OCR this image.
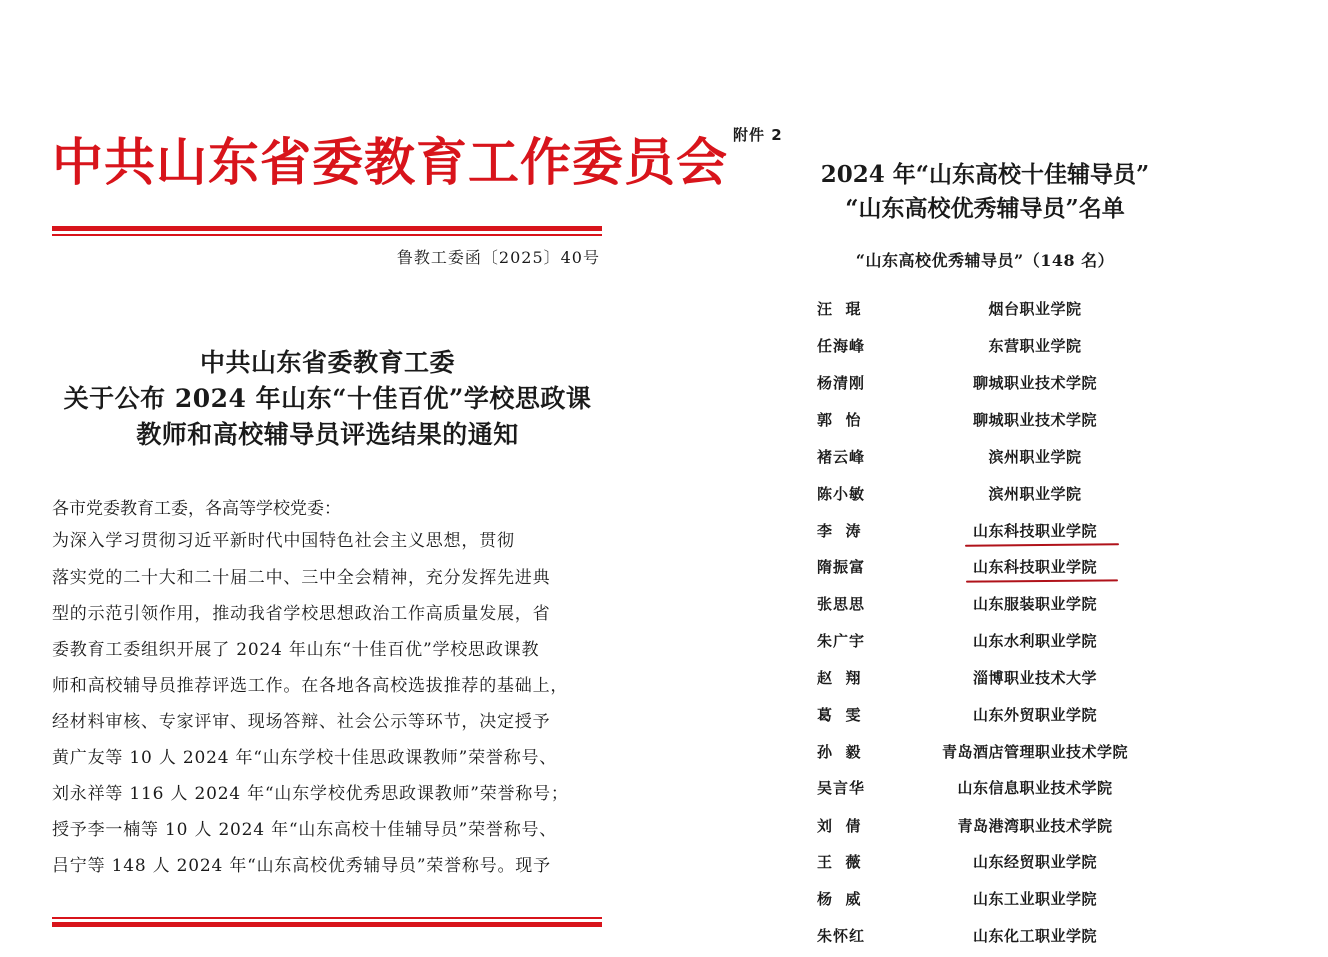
中共山东省委教育工作委员会
鲁教工委函〔2025〕40号
中共山东省委教育工委
关于公布 2024 年山东“十佳百优”学校思政课
教师和高校辅导员评选结果的通知
各市党委教育工委，各高等学校党委：
为深入学习贯彻习近平新时代中国特色社会主义思想，贯彻
落实党的二十大和二十届二中、三中全会精神，充分发挥先进典
型的示范引领作用，推动我省学校思想政治工作高质量发展，省
委教育工委组织开展了 2024 年山东“十佳百优”学校思政课教
师和高校辅导员推荐评选工作。在各地各高校选拔推荐的基础上，
经材料审核、专家评审、现场答辩、社会公示等环节，决定授予
黄广友等 10 人 2024 年“山东学校十佳思政课教师”荣誉称号、
刘永祥等 116 人 2024 年“山东学校优秀思政课教师”荣誉称号；
授予李一楠等 10 人 2024 年“山东高校十佳辅导员”荣誉称号、
吕宁等 148 人 2024 年“山东高校优秀辅导员”荣誉称号。现予
附件 2
2024 年“山东高校十佳辅导员”
“山东高校优秀辅导员”名单
“山东高校优秀辅导员”（148 名）
汪  琨	烟台职业学院
任海峰	东营职业学院
杨清刚	聊城职业技术学院
郭  怡	聊城职业技术学院
褚云峰	滨州职业学院
陈小敏	滨州职业学院
李  涛	山东科技职业学院
隋振富	山东科技职业学院
张思思	山东服装职业学院
朱广宇	山东水利职业学院
赵  翔	淄博职业技术大学
葛  雯	山东外贸职业学院
孙  毅	青岛酒店管理职业技术学院
吴言华	山东信息职业技术学院
刘  倩	青岛港湾职业技术学院
王  薇	山东经贸职业学院
杨  威	山东工业职业学院
朱怀红	山东化工职业学院
